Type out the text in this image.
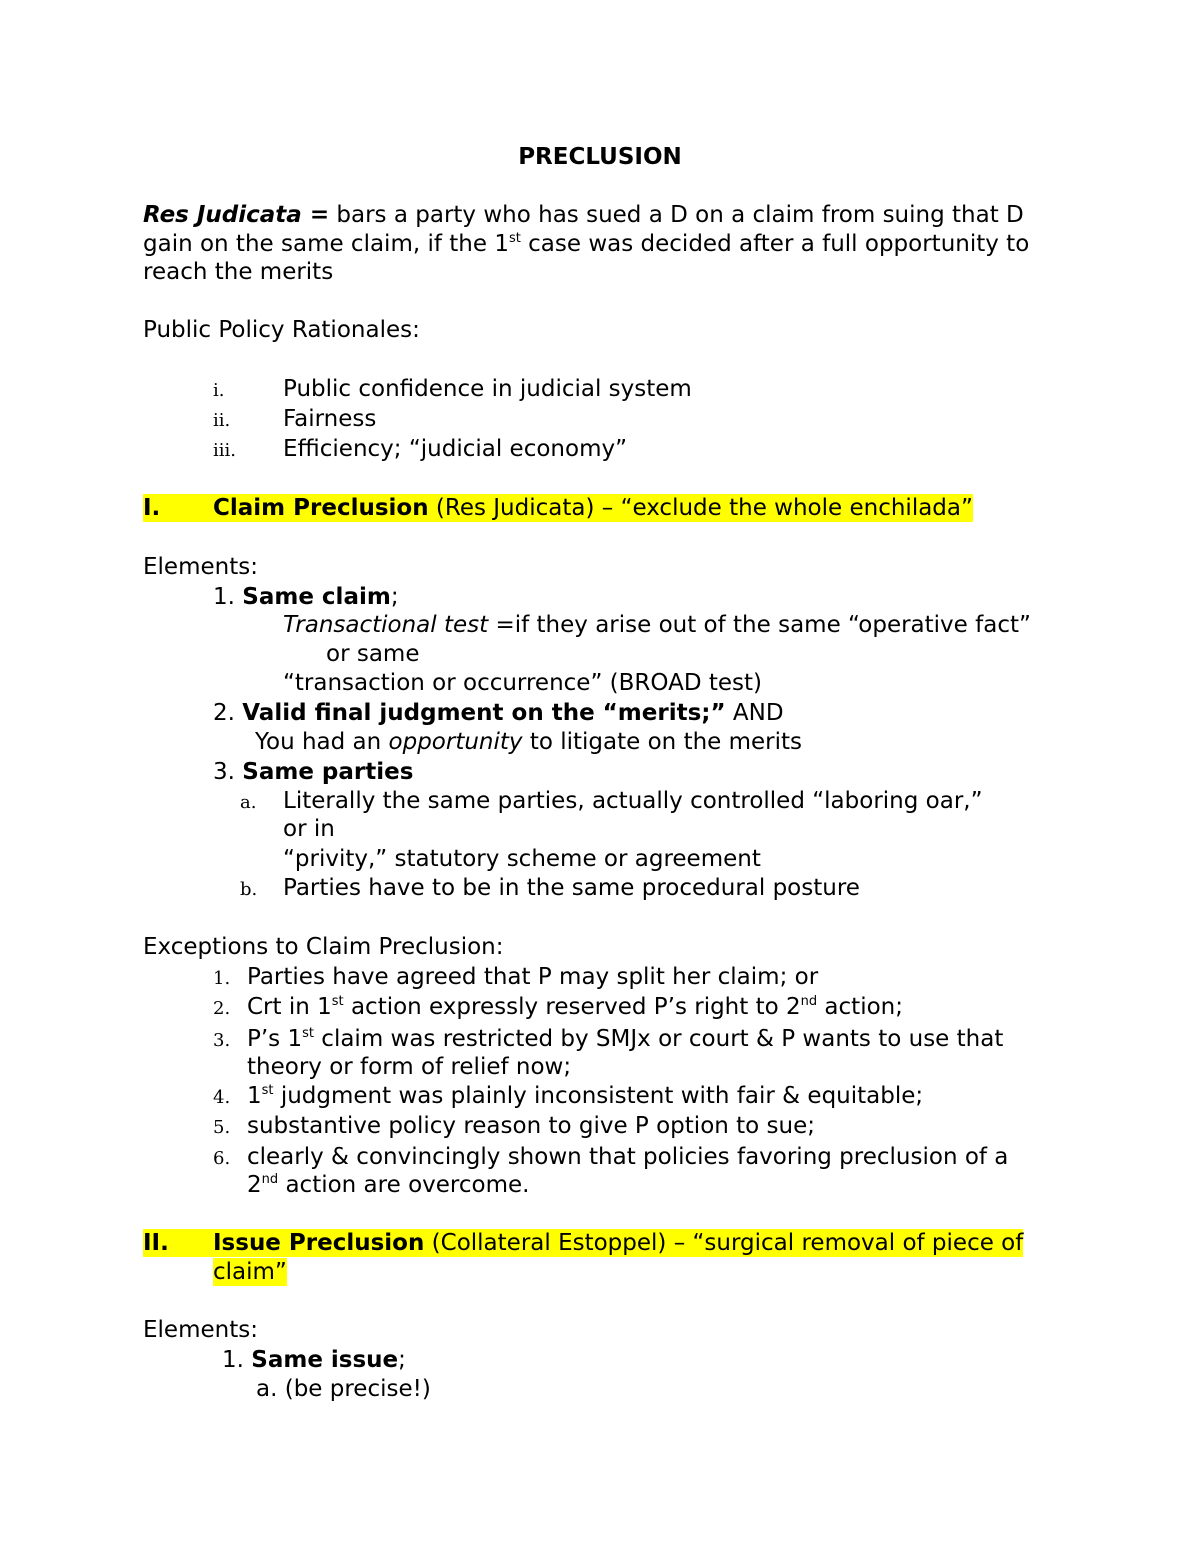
PRECLUSION
Res Judicata = bars a party who has sued a D on a claim from suing that D
gain on the same claim, if the 1st case was decided after a full opportunity to
reach the merits
Public Policy Rationales:
i.	Public confidence in judicial system
ii. Fairness
iii. Efficiency; “judicial economy”
I.	Claim Preclusion (Res Judicata) – “exclude the whole enchilada”
Elements:
1. Same claim;
Transactional test =if they arise out of the same “operative fact”
or same
“transaction or occurrence” (BROAD test)
2. Valid final judgment on the “merits;” AND
You had an opportunity to litigate on the merits
3. Same parties
a. Literally the same parties, actually controlled “laboring oar,”
or in
“privity,” statutory scheme or agreement
b. Parties have to be in the same procedural posture
Exceptions to Claim Preclusion:
1. Parties have agreed that P may split her claim; or
2. Crt in 1st action expressly reserved P’s right to 2nd action;
3. P’s 1st claim was restricted by SMJx or court & P wants to use that
theory or form of relief now;
4. 1st judgment was plainly inconsistent with fair & equitable;
5. substantive policy reason to give P option to sue;
6. clearly & convincingly shown that policies favoring preclusion of a
2nd action are overcome.
II.	Issue Preclusion (Collateral Estoppel) – “surgical removal of piece of
claim”
Elements:
1. Same issue;
a. (be precise!)
